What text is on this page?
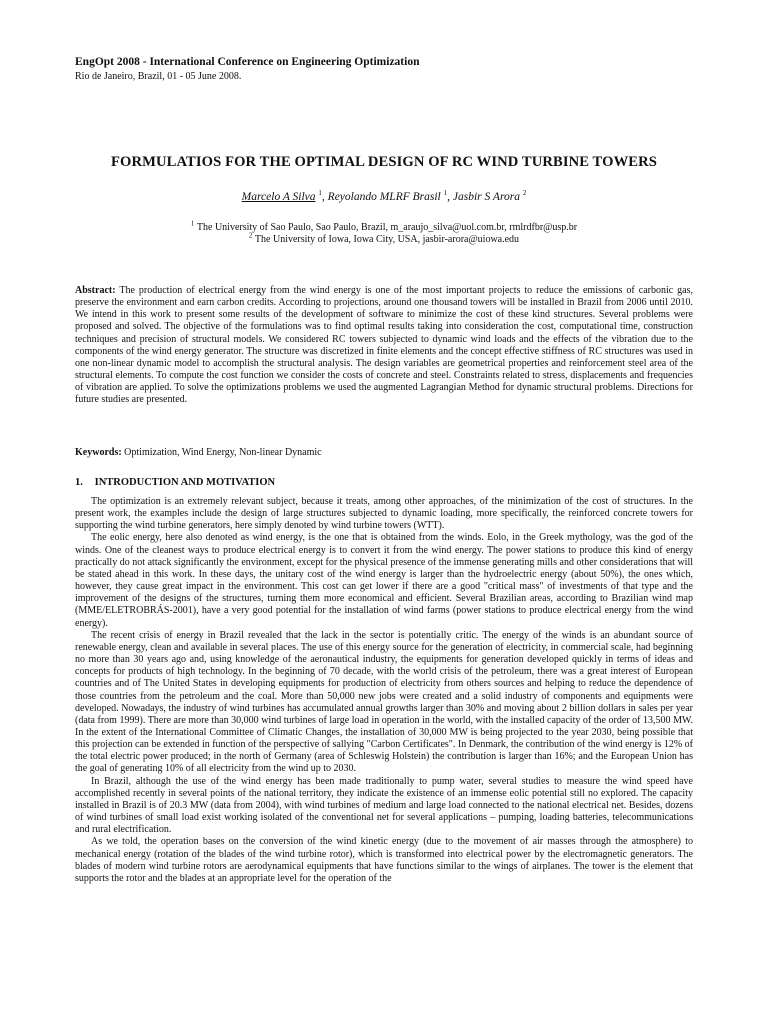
EngOpt 2008 - International Conference on Engineering Optimization
Rio de Janeiro, Brazil, 01 - 05 June 2008.
FORMULATIOS FOR THE OPTIMAL DESIGN OF RC WIND TURBINE TOWERS
Marcelo A Silva $^1$, Reyolando MLRF Brasil $^1$, Jasbir S Arora $^2$
$^1$ The University of Sao Paulo, Sao Paulo, Brazil, m_araujo_silva@uol.com.br, rmlrdfbr@usp.br
$^2$ The University of Iowa, Iowa City, USA, jasbir-arora@uiowa.edu
Abstract: The production of electrical energy from the wind energy is one of the most important projects to reduce the emissions of carbonic gas, preserve the environment and earn carbon credits. According to projections, around one thousand towers will be installed in Brazil from 2006 until 2010. We intend in this work to present some results of the development of software to minimize the cost of these kind structures. Several problems were proposed and solved. The objective of the formulations was to find optimal results taking into consideration the cost, computational time, construction techniques and precision of structural models. We considered RC towers subjected to dynamic wind loads and the effects of the vibration due to the components of the wind energy generator. The structure was discretized in finite elements and the concept effective stiffness of RC structures was used in one non-linear dynamic model to accomplish the structural analysis. The design variables are geometrical properties and reinforcement steel area of the structural elements. To compute the cost function we consider the costs of concrete and steel. Constraints related to stress, displacements and frequencies of vibration are applied. To solve the optimizations problems we used the augmented Lagrangian Method for dynamic structural problems. Directions for future studies are presented.
Keywords: Optimization, Wind Energy, Non-linear Dynamic
1. INTRODUCTION AND MOTIVATION

The optimization is an extremely relevant subject, because it treats, among other approaches, of the minimization of the cost of structures. In the present work, the examples include the design of large structures subjected to dynamic loading, more specifically, the reinforced concrete towers for supporting the wind turbine generators, here simply denoted by wind turbine towers (WTT).

The eolic energy, here also denoted as wind energy, is the one that is obtained from the winds. Eolo, in the Greek mythology, was the god of the winds. One of the cleanest ways to produce electrical energy is to convert it from the wind energy. The power stations to produce this kind of energy practically do not attack significantly the environment, except for the physical presence of the immense generating mills and other considerations that will be stated ahead in this work. In these days, the unitary cost of the wind energy is larger than the hydroelectric energy (about 50%), the ones which, however, they cause great impact in the environment. This cost can get lower if there are a good "critical mass" of investments of that type and the improvement of the designs of the structures, turning them more economical and efficient. Several Brazilian areas, according to Brazilian wind map (MME/ELETROBRÁS-2001), have a very good potential for the installation of wind farms (power stations to produce electrical energy from the wind energy).

The recent crisis of energy in Brazil revealed that the lack in the sector is potentially critic. The energy of the winds is an abundant source of renewable energy, clean and available in several places. The use of this energy source for the generation of electricity, in commercial scale, had beginning no more than 30 years ago and, using knowledge of the aeronautical industry, the equipments for generation developed quickly in terms of ideas and concepts for products of high technology. In the beginning of 70 decade, with the world crisis of the petroleum, there was a great interest of European countries and of The United States in developing equipments for production of electricity from others sources and helping to reduce the dependence of those countries from the petroleum and the coal. More than 50,000 new jobs were created and a solid industry of components and equipments were developed. Nowadays, the industry of wind turbines has accumulated annual growths larger than 30% and moving about 2 billion dollars in sales per year (data from 1999). There are more than 30,000 wind turbines of large load in operation in the world, with the installed capacity of the order of 13,500 MW. In the extent of the International Committee of Climatic Changes, the installation of 30,000 MW is being projected to the year 2030, being possible that this projection can be extended in function of the perspective of sallying "Carbon Certificates". In Denmark, the contribution of the wind energy is 12% of the total electric power produced; in the north of Germany (area of Schleswig Holstein) the contribution is larger than 16%; and the European Union has the goal of generating 10% of all electricity from the wind up to 2030.

In Brazil, although the use of the wind energy has been made traditionally to pump water, several studies to measure the wind speed have accomplished recently in several points of the national territory, they indicate the existence of an immense eolic potential still no explored. The capacity installed in Brazil is of 20.3 MW (data from 2004), with wind turbines of medium and large load connected to the national electrical net. Besides, dozens of wind turbines of small load exist working isolated of the conventional net for several applications – pumping, loading batteries, telecommunications and rural electrification.

As we told, the operation bases on the conversion of the wind kinetic energy (due to the movement of air masses through the atmosphere) to mechanical energy (rotation of the blades of the wind turbine rotor), which is transformed into electrical power by the electromagnetic generators. The blades of modern wind turbine rotors are aerodynamical equipments that have functions similar to the wings of airplanes. The tower is the element that supports the rotor and the blades at an appropriate level for the operation of the
